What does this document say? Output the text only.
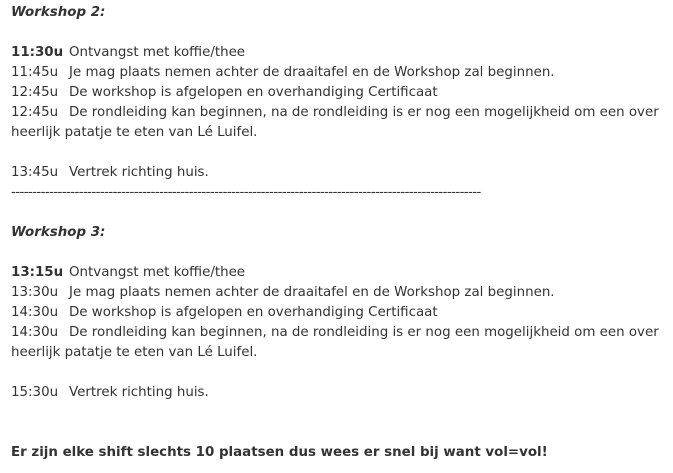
Workshop 2:
11:30u Ontvangst met koffie/thee
11:45u Je mag plaats nemen achter de draaitafel en de Workshop zal beginnen.
12:45u De workshop is afgelopen en overhandiging Certificaat
12:45u De rondleiding kan beginnen, na de rondleiding is er nog een mogelijkheid om een over heerlijk patatje te eten van Lé Luifel.
13:45u Vertrek richting huis.
---------------------------------------------------------------------------------------------------------------
Workshop 3:
13:15u Ontvangst met koffie/thee
13:30u Je mag plaats nemen achter de draaitafel en de Workshop zal beginnen.
14:30u De workshop is afgelopen en overhandiging Certificaat
14:30u De rondleiding kan beginnen, na de rondleiding is er nog een mogelijkheid om een over heerlijk patatje te eten van Lé Luifel.
15:30u Vertrek richting huis.
Er zijn elke shift slechts 10 plaatsen dus wees er snel bij want vol=vol!
